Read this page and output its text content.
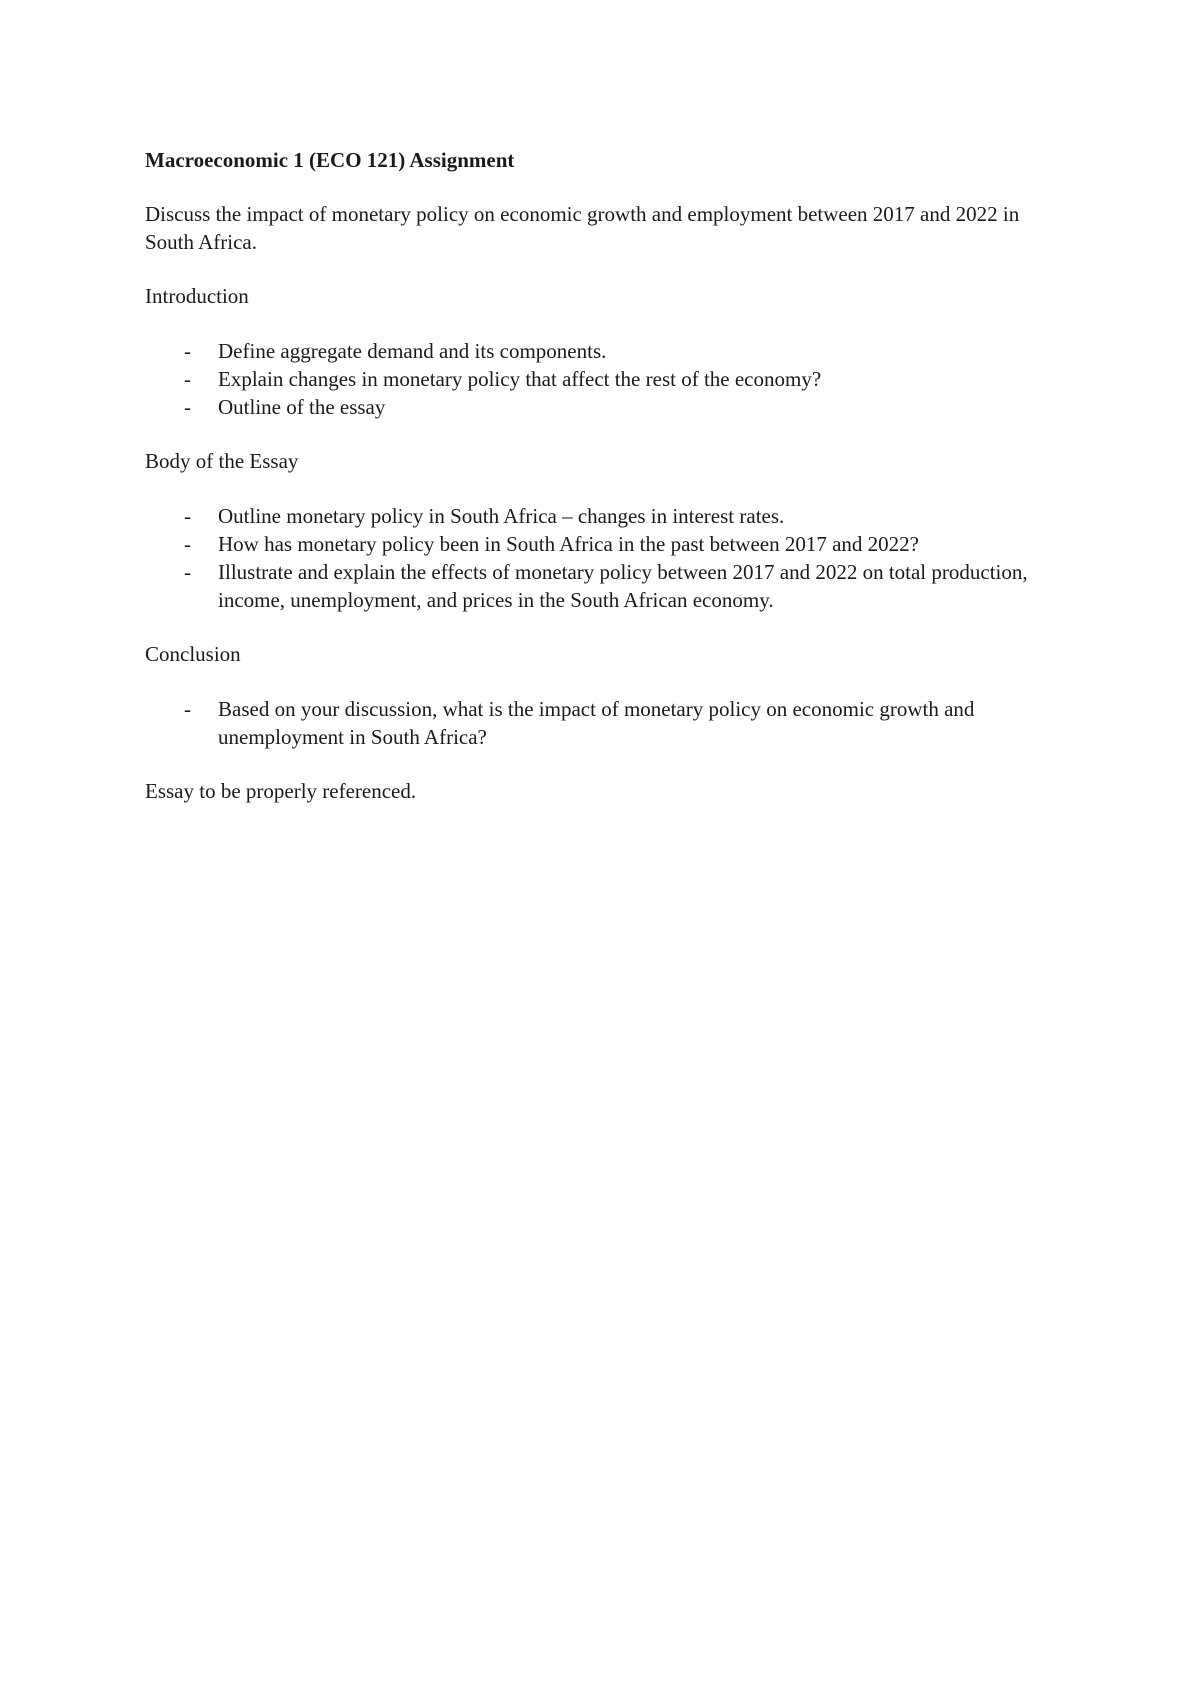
Macroeconomic 1 (ECO 121) Assignment

Discuss the impact of monetary policy on economic growth and employment between 2017 and 2022 in South Africa.

Introduction

- Define aggregate demand and its components.
- Explain changes in monetary policy that affect the rest of the economy?
- Outline of the essay

Body of the Essay

- Outline monetary policy in South Africa – changes in interest rates.
- How has monetary policy been in South Africa in the past between 2017 and 2022?
- Illustrate and explain the effects of monetary policy between 2017 and 2022 on total production, income, unemployment, and prices in the South African economy.

Conclusion

- Based on your discussion, what is the impact of monetary policy on economic growth and unemployment in South Africa?

Essay to be properly referenced.
